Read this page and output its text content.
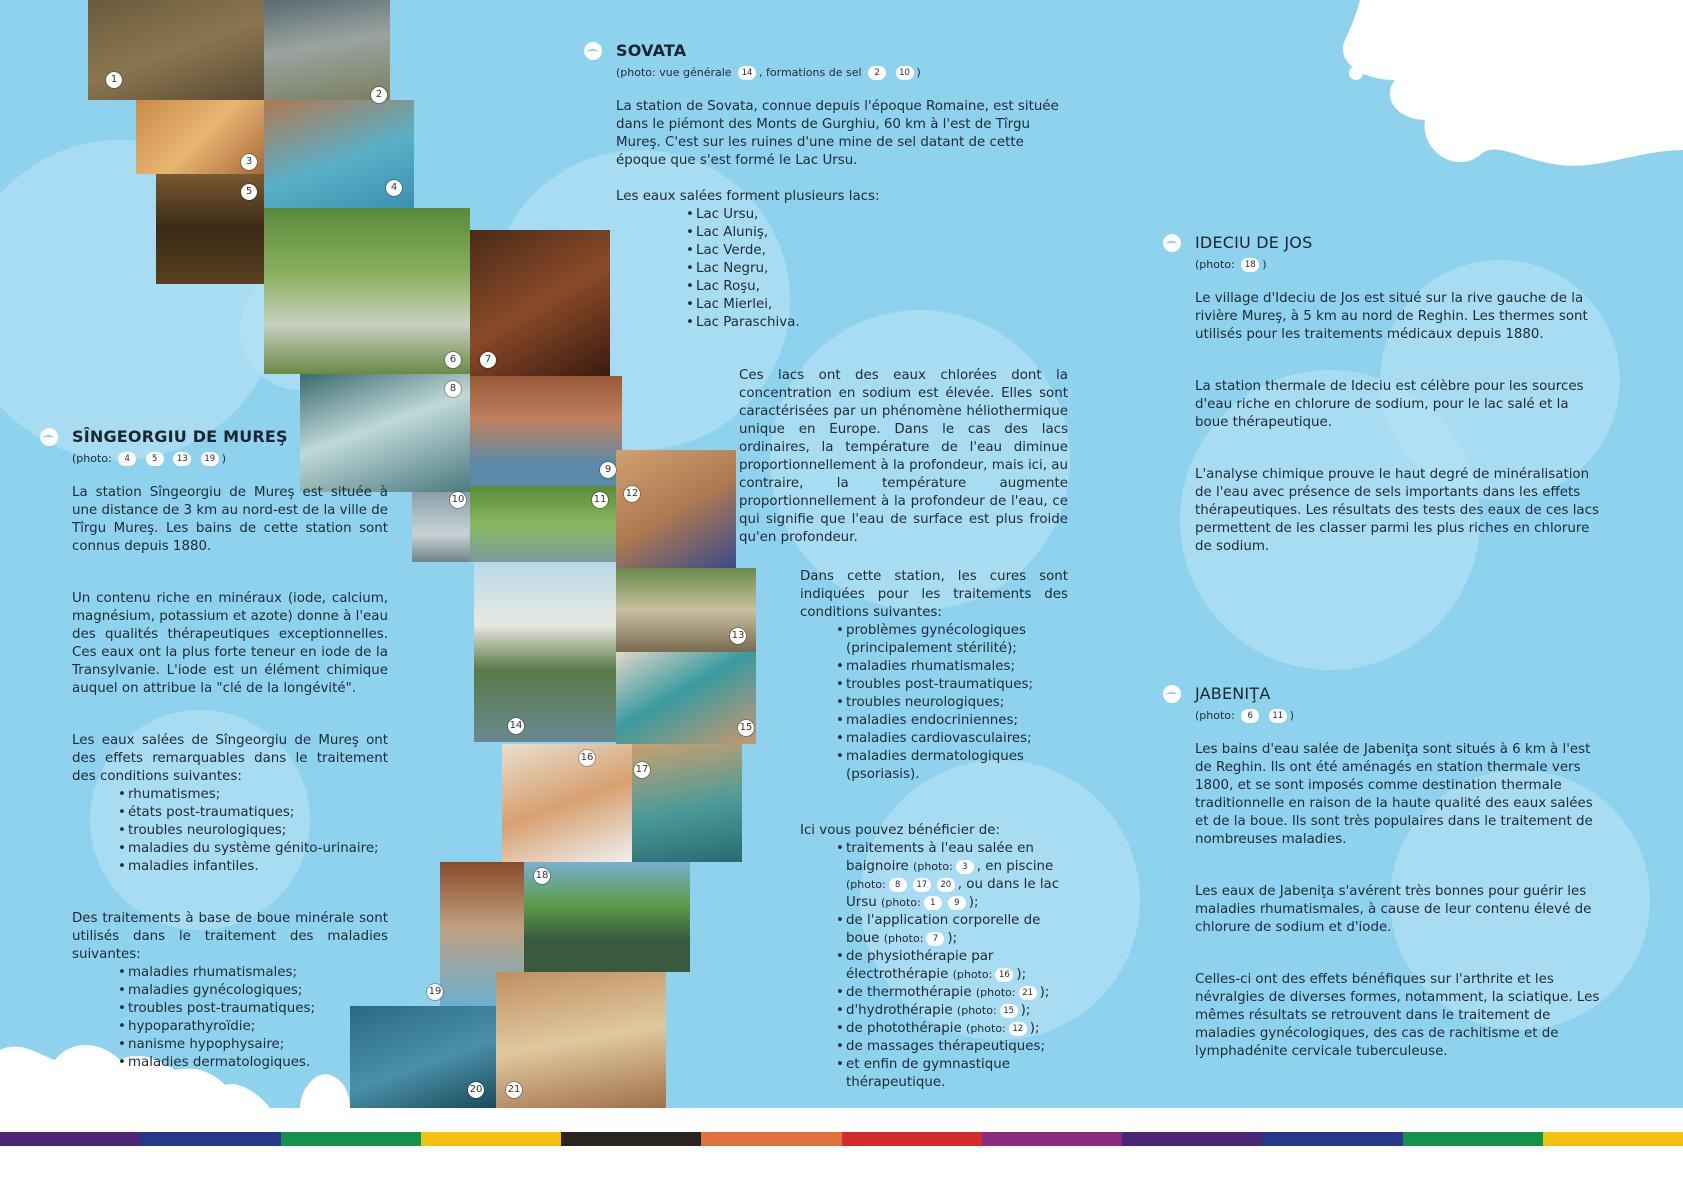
1
2
3
4
5
6	7
8
9
10	11
12
13
14	15
16
17
18
19
20	21
SOVATA
(photo: vue générale 14 , formations de sel 2 10 )

La station de Sovata, connue depuis l'époque Romaine, est située dans le piémont des Monts de Gurghiu, 60 km à l'est de Tîrgu Mureş. C'est sur les ruines d'une mine de sel datant de cette époque que s'est formé le Lac Ursu.

Les eaux salées forment plusieurs lacs:

• Lac Ursu,
• Lac Aluniş,
• Lac Verde,
• Lac Negru,
• Lac Roşu,
• Lac Mierlei,
• Lac Paraschiva.
Ces lacs ont des eaux chlorées dont la concentration en sodium est élevée. Elles sont caractérisées par un phénomène héliothermique unique en Europe. Dans le cas des lacs ordinaires, la température de l'eau diminue proportionnellement à la profondeur, mais ici, au contraire, la température augmente proportionnellement à la profondeur de l'eau, ce qui signifie que l'eau de surface est plus froide qu'en profondeur.
Dans cette station, les cures sont indiquées pour les traitements des conditions suivantes:
• problèmes gynécologiques (principalement stérilité);
• maladies rhumatismales;
• troubles post-traumatiques;
• troubles neurologiques;
• maladies endocriniennes;
• maladies cardiovasculaires;
• maladies dermatologiques (psoriasis).
Ici vous pouvez bénéficier de:
• traitements à l'eau salée en baignoire (photo: 3 , en piscine (photo: 8 17 20 , ou dans le lac Ursu (photo: 1 9 );
• de l'application corporelle de boue (photo: 7 );
• de physiothérapie par électrothérapie (photo: 16 );
• de thermothérapie (photo: 21 );
• d'hydrothérapie (photo: 15 );
• de photothérapie (photo: 12 );
• de massages thérapeutiques;
• et enfin de gymnastique thérapeutique.
SÎNGEORGIU DE MUREŞ
(photo: 4	5 13 19 )

La station Sîngeorgiu de Mureş est située à une distance de 3 km au nord-est de la ville de Tîrgu Mureş. Les bains de cette station sont connus depuis 1880.

Un contenu riche en minéraux (iode, calcium, magnésium, potassium et azote) donne à l'eau des qualités thérapeutiques exceptionnelles. Ces eaux ont la plus forte teneur en iode de la Transylvanie. L'iode est un élément chimique auquel on attribue la "clé de la longévité".

Les eaux salées de Sîngeorgiu de Mureş ont des effets remarquables dans le traitement des conditions suivantes:

• rhumatismes;
• états post-traumatiques;
• troubles neurologiques;
• maladies du système génito-urinaire;
• maladies infantiles.

Des traitements à base de boue minérale sont utilisés dans le traitement des maladies suivantes:

• maladies rhumatismales;
• maladies gynécologiques;
• troubles post-traumatiques;
• hypoparathyroïdie;
• nanisme hypophysaire;
• maladies dermatologiques.
IDECIU DE JOS
(photo: 18 )

Le village d'Ideciu de Jos est situé sur la rive gauche de la rivière Mureş, à 5 km au nord de Reghin. Les thermes sont utilisés pour les traitements médicaux depuis 1880.

La station thermale de Ideciu est célèbre pour les sources d'eau riche en chlorure de sodium, pour le lac salé et la boue thérapeutique.

L'analyse chimique prouve le haut degré de minéralisation de l'eau avec présence de sels importants dans les effets thérapeutiques. Les résultats des tests des eaux de ces lacs permettent de les classer parmi les plus riches en chlorure de sodium.

JABENIŢA
(photo: 6 11 )

Les bains d'eau salée de Jabeniţa sont situés à 6 km à l'est de Reghin. Ils ont été aménagés en station thermale vers 1800, et se sont imposés comme destination thermale traditionnelle en raison de la haute qualité des eaux salées et de la boue. Ils sont très populaires dans le traitement de nombreuses maladies.

Les eaux de Jabeniţa s'avérent très bonnes pour guérir les maladies rhumatismales, à cause de leur contenu élevé de chlorure de sodium et d'iode.

Celles-ci ont des effets bénéfiques sur l'arthrite et les névralgies de diverses formes, notamment, la sciatique. Les mêmes résultats se retrouvent dans le traitement de maladies gynécologiques, des cas de rachitisme et de lymphadénite cervicale tuberculeuse.
